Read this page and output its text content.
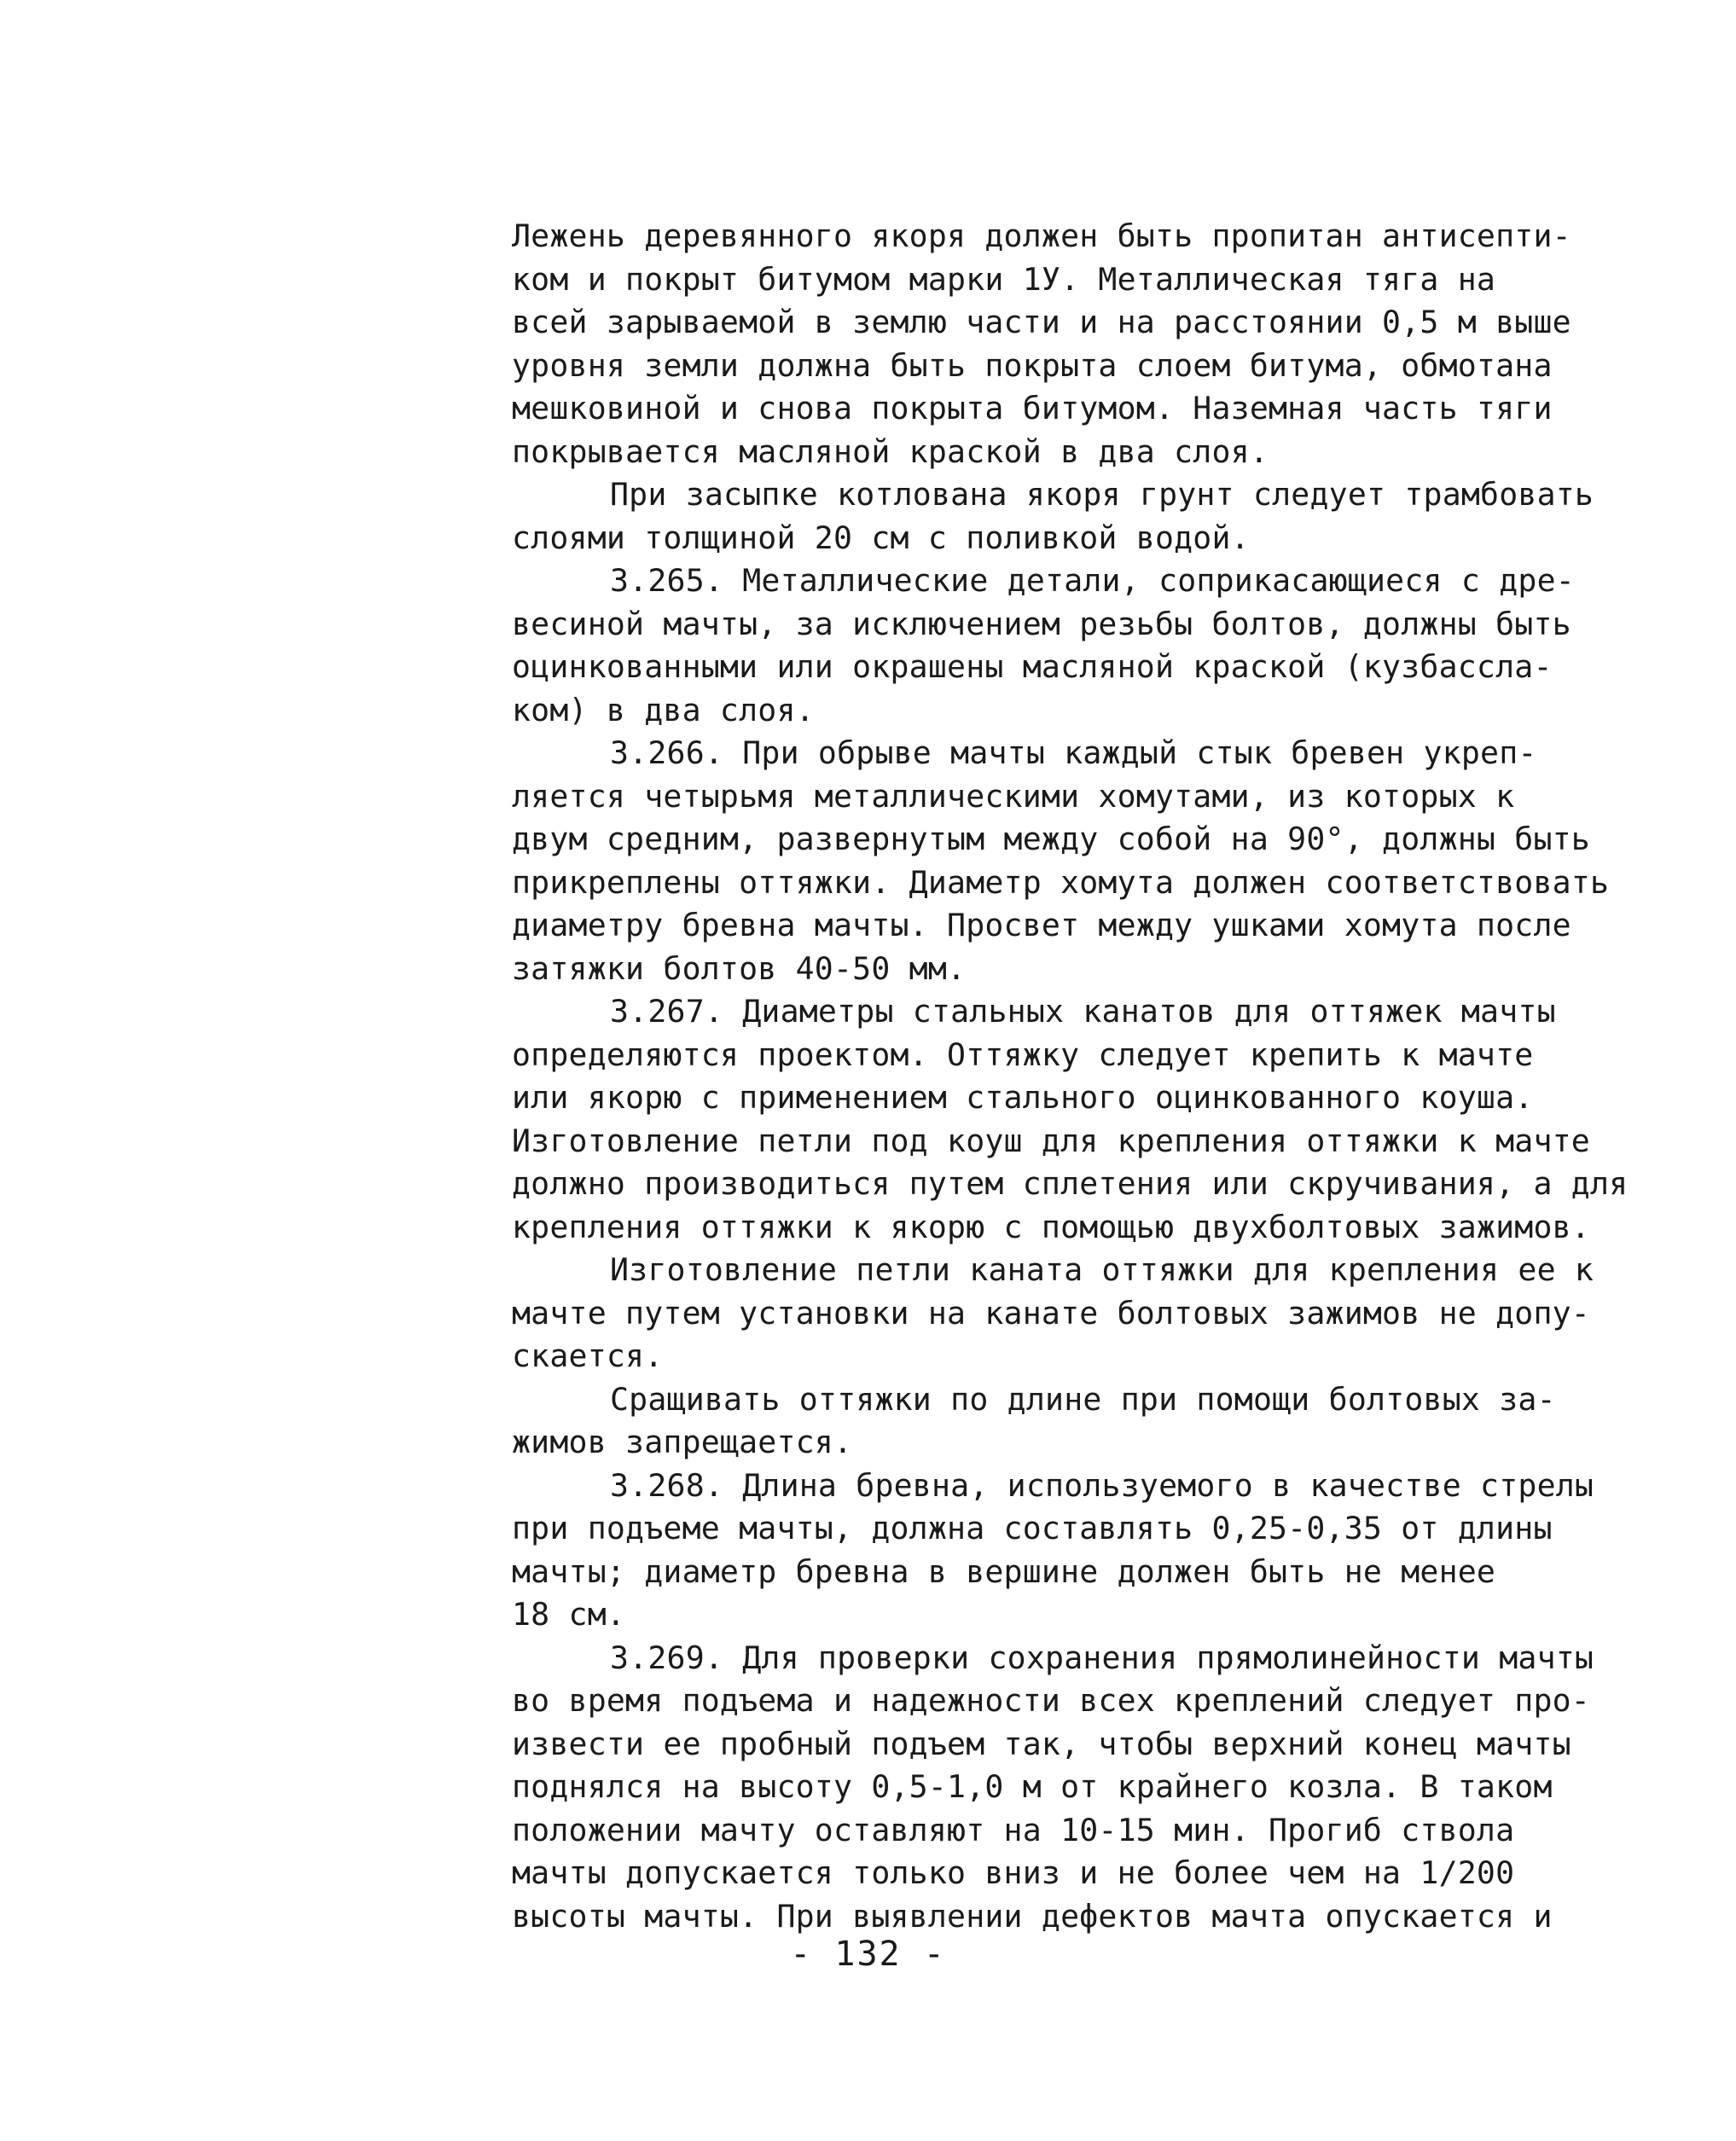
Лежень деревянного якоря должен быть пропитан антисепти-
ком и покрыт битумом марки 1У. Металлическая тяга на
всей зарываемой в землю части и на расстоянии 0,5 м выше
уровня земли должна быть покрыта слоем битума, обмотана
мешковиной и снова покрыта битумом. Наземная часть тяги
покрывается масляной краской в два слоя.
При засыпке котлована якоря грунт следует трамбовать
слоями толщиной 20 см с поливкой водой.
3.265. Металлические детали, соприкасающиеся с дре-
весиной мачты, за исключением резьбы болтов, должны быть
оцинкованными или окрашены масляной краской (кузбассла-
ком) в два слоя.
3.266. При обрыве мачты каждый стык бревен укреп-
ляется четырьмя металлическими хомутами, из которых к
двум средним, развернутым между собой на 90°, должны быть
прикреплены оттяжки. Диаметр хомута должен соответствовать
диаметру бревна мачты. Просвет между ушками хомута после
затяжки болтов 40-50 мм.
3.267. Диаметры стальных канатов для оттяжек мачты
определяются проектом. Оттяжку следует крепить к мачте
или якорю с применением стального оцинкованного коуша.
Изготовление петли под коуш для крепления оттяжки к мачте
должно производиться путем сплетения или скручивания, а для
крепления оттяжки к якорю с помощью двухболтовых зажимов.
Изготовление петли каната оттяжки для крепления ее к
мачте путем установки на канате болтовых зажимов не допу-
скается.
Сращивать оттяжки по длине при помощи болтовых за-
жимов запрещается.
3.268. Длина бревна, используемого в качестве стрелы
при подъеме мачты, должна составлять 0,25-0,35 от длины
мачты; диаметр бревна в вершине должен быть не менее
18 см.
3.269. Для проверки сохранения прямолинейности мачты
во время подъема и надежности всех креплений следует про-
извести ее пробный подъем так, чтобы верхний конец мачты
поднялся на высоту 0,5-1,0 м от крайнего козла. В таком
положении мачту оставляют на 10-15 мин. Прогиб ствола
мачты допускается только вниз и не более чем на 1/200
высоты мачты. При выявлении дефектов мачта опускается и
- 132 -
